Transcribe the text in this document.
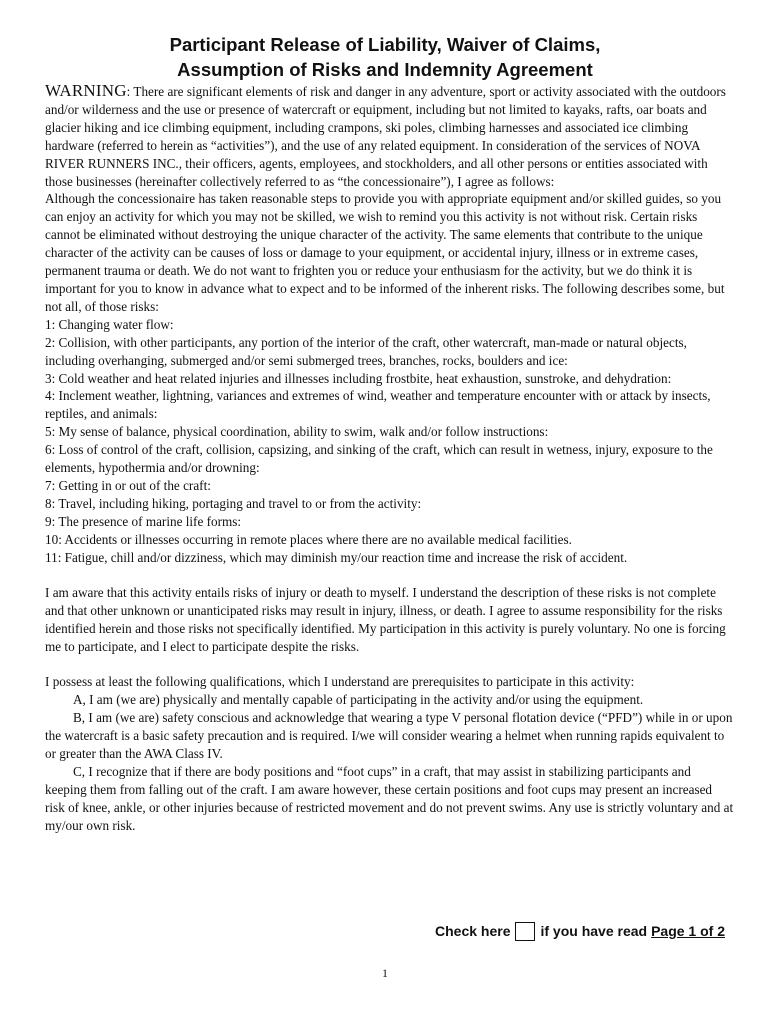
Participant Release of Liability, Waiver of Claims,
Assumption of Risks and Indemnity Agreement

WARNING: There are significant elements of risk and danger in any adventure, sport or activity associated with the outdoors and/or wilderness and the use or presence of watercraft or equipment, including but not limited to kayaks, rafts, oar boats and glacier hiking and ice climbing equipment, including crampons, ski poles, climbing harnesses and associated ice climbing hardware (referred to herein as “activities”), and the use of any related equipment. In consideration of the services of NOVA RIVER RUNNERS INC., their officers, agents, employees, and stockholders, and all other persons or entities associated with those businesses (hereinafter collectively referred to as “the concessionaire”), I agree as follows:

Although the concessionaire has taken reasonable steps to provide you with appropriate equipment and/or skilled guides, so you can enjoy an activity for which you may not be skilled, we wish to remind you this activity is not without risk. Certain risks cannot be eliminated without destroying the unique character of the activity. The same elements that contribute to the unique character of the activity can be causes of loss or damage to your equipment, or accidental injury, illness or in extreme cases, permanent trauma or death. We do not want to frighten you or reduce your enthusiasm for the activity, but we do think it is important for you to know in advance what to expect and to be informed of the inherent risks. The following describes some, but not all, of those risks:

1: Changing water flow:

2: Collision, with other participants, any portion of the interior of the craft, other watercraft, man-made or natural objects, including overhanging, submerged and/or semi submerged trees, branches, rocks, boulders and ice:

3: Cold weather and heat related injuries and illnesses including frostbite, heat exhaustion, sunstroke, and dehydration:

4: Inclement weather, lightning, variances and extremes of wind, weather and temperature encounter with or attack by insects, reptiles, and animals:

5: My sense of balance, physical coordination, ability to swim, walk and/or follow instructions:

6: Loss of control of the craft, collision, capsizing, and sinking of the craft, which can result in wetness, injury, exposure to the elements, hypothermia and/or drowning:

7: Getting in or out of the craft:

8: Travel, including hiking, portaging and travel to or from the activity:

9: The presence of marine life forms:

10: Accidents or illnesses occurring in remote places where there are no available medical facilities.

11: Fatigue, chill and/or dizziness, which may diminish my/our reaction time and increase the risk of accident.

I am aware that this activity entails risks of injury or death to myself. I understand the description of these risks is not complete and that other unknown or unanticipated risks may result in injury, illness, or death. I agree to assume responsibility for the risks identified herein and those risks not specifically identified. My participation in this activity is purely voluntary. No one is forcing me to participate, and I elect to participate despite the risks.

I possess at least the following qualifications, which I understand are prerequisites to participate in this activity:

A, I am (we are) physically and mentally capable of participating in the activity and/or using the equipment.

B, I am (we are) safety conscious and acknowledge that wearing a type V personal flotation device (“PFD”) while in or upon the watercraft is a basic safety precaution and is required. I/we will consider wearing a helmet when running rapids equivalent to or greater than the AWA Class IV.

C, I recognize that if there are body positions and “foot cups” in a craft, that may assist in stabilizing participants and keeping them from falling out of the craft. I am aware however, these certain positions and foot cups may present an increased risk of knee, ankle, or other injuries because of restricted movement and do not prevent swims. Any use is strictly voluntary and at my/our own risk.

Check here if you have read Page 1 of 2
1
